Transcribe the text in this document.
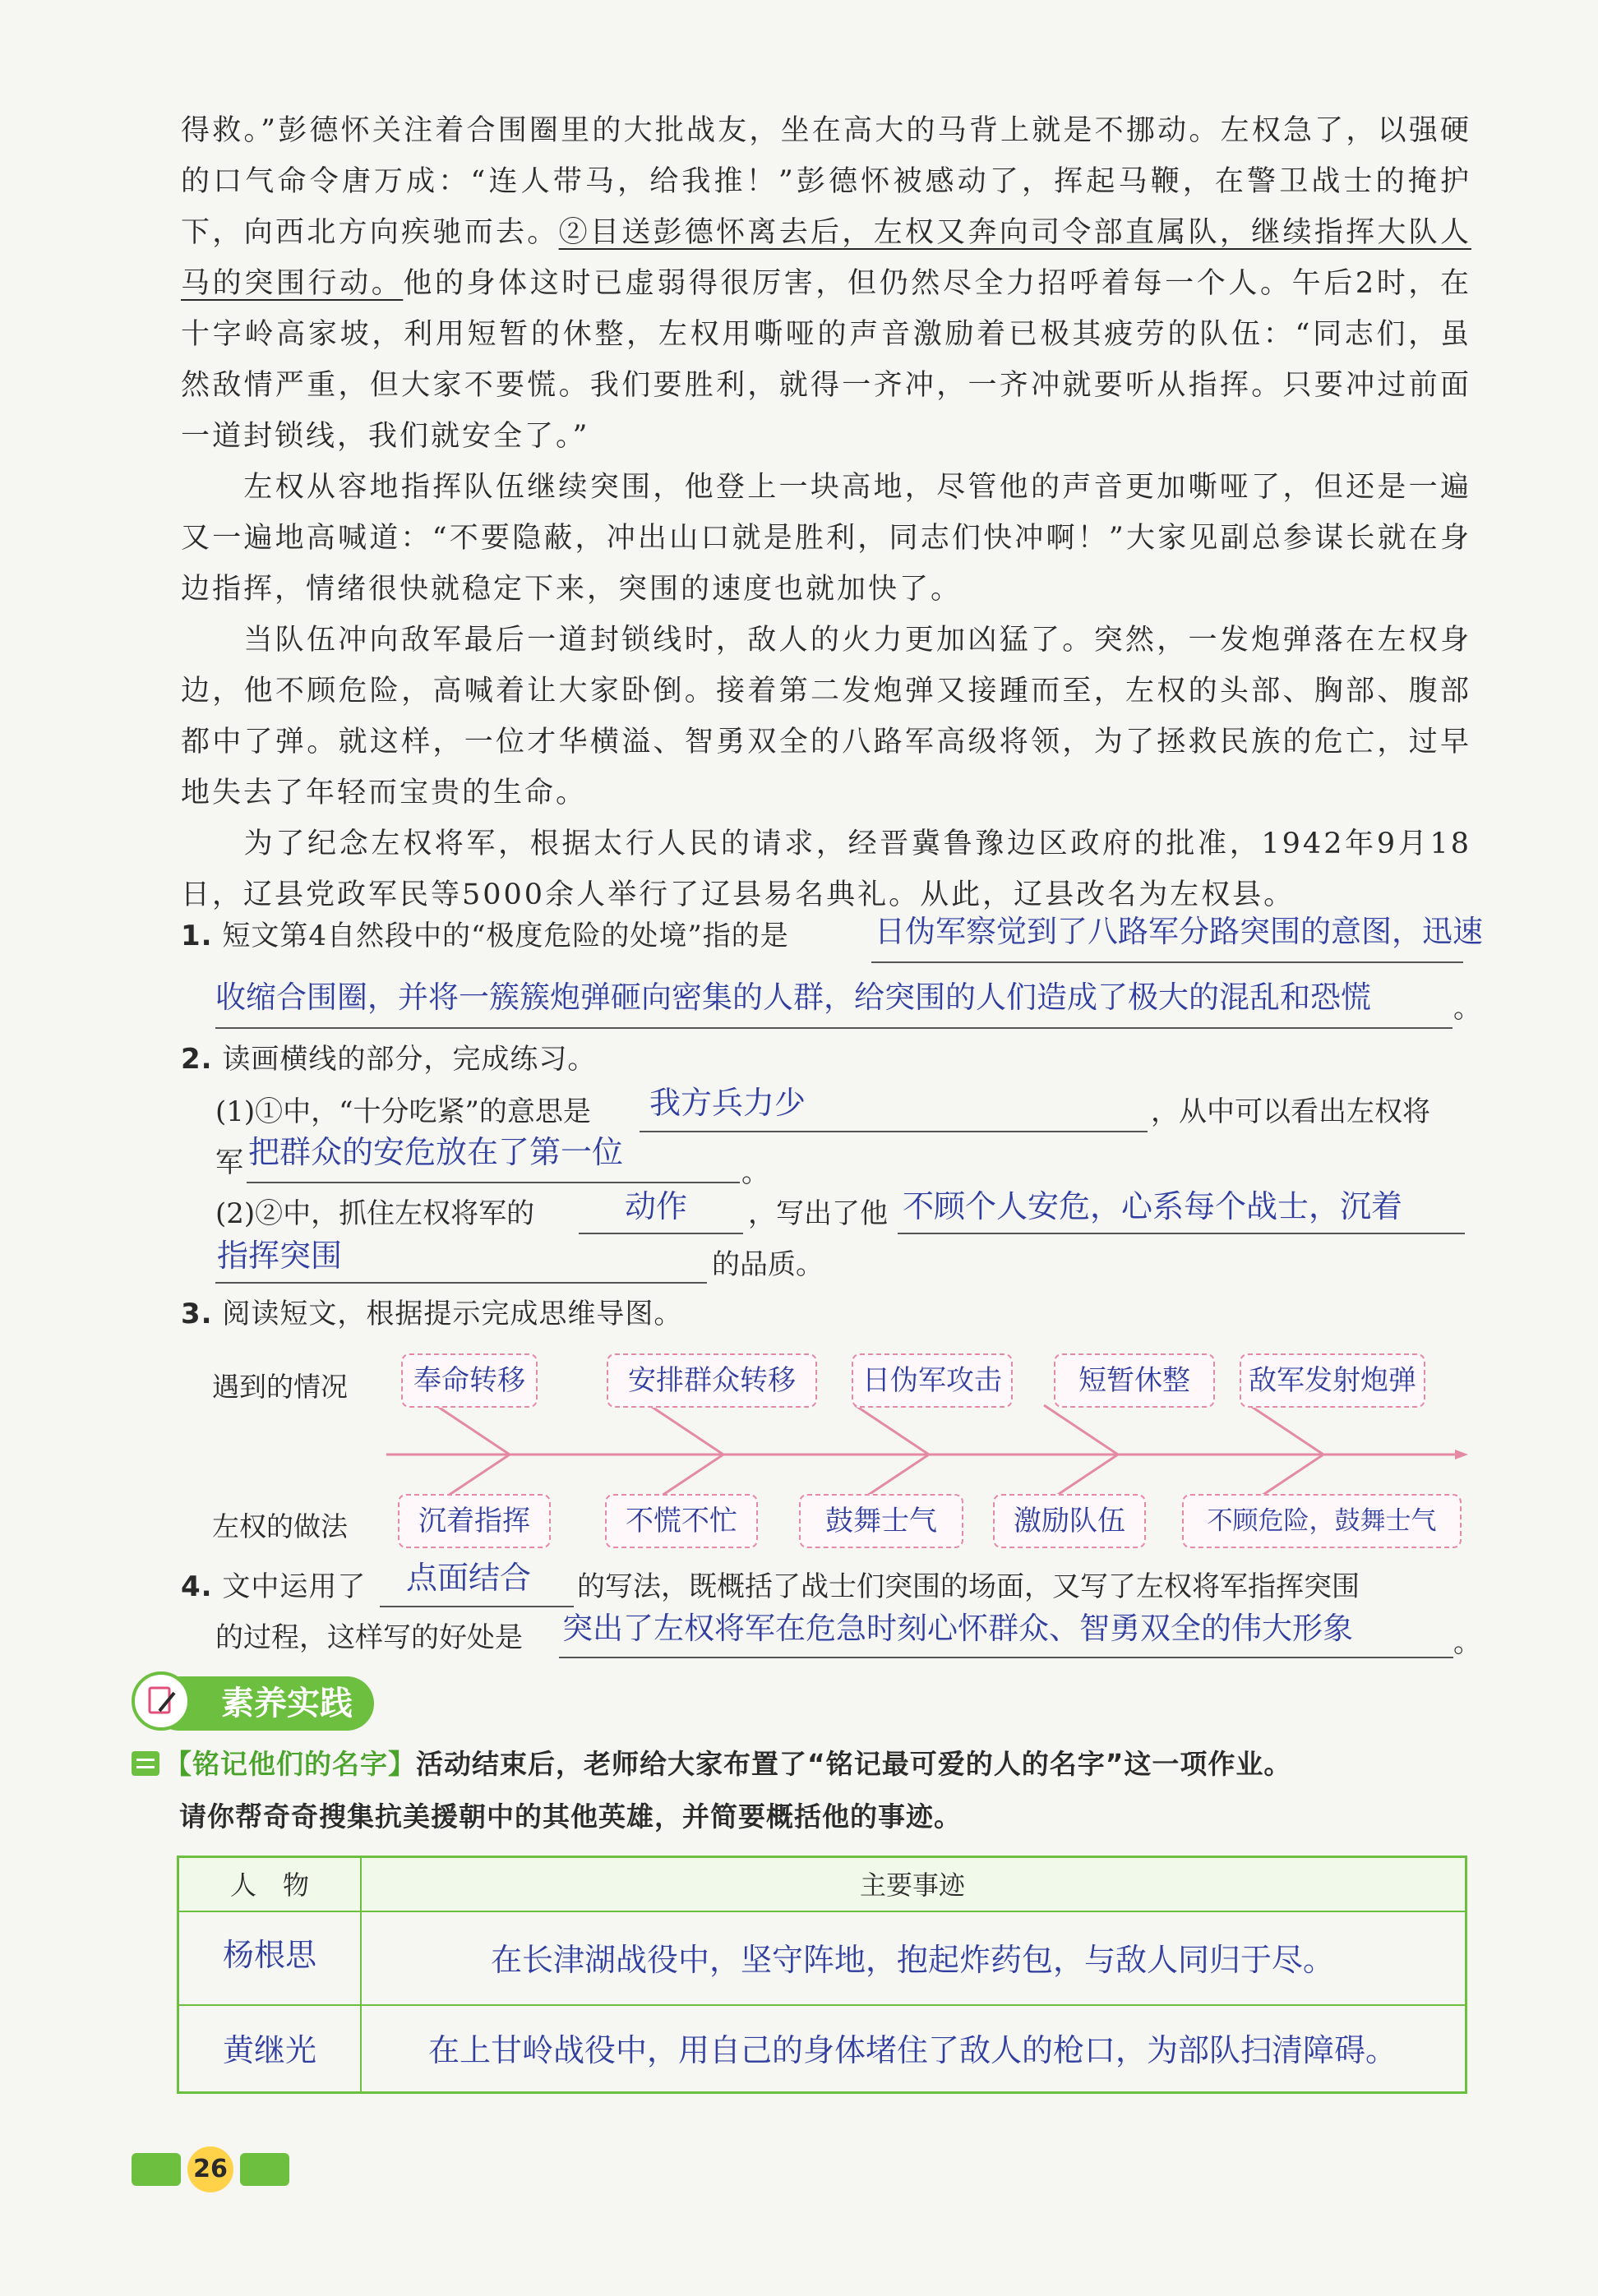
得救。”彭德怀关注着合围圈里的大批战友，坐在高大的马背上就是不挪动。左权急了，以强硬的口气命令唐万成：“连人带马，给我推！”彭德怀被感动了，挥起马鞭，在警卫战士的掩护下，向西北方向疾驰而去。②目送彭德怀离去后，左权又奔向司令部直属队，继续指挥大队人马的突围行动。他的身体这时已虚弱得很厉害，但仍然尽全力招呼着每一个人。午后2时，在十字岭高家坡，利用短暂的休整，左权用嘶哑的声音激励着已极其疲劳的队伍：“同志们，虽然敌情严重，但大家不要慌。我们要胜利，就得一齐冲，一齐冲就要听从指挥。只要冲过前面一道封锁线，我们就安全了。”

左权从容地指挥队伍继续突围，他登上一块高地，尽管他的声音更加嘶哑了，但还是一遍又一遍地高喊道：“不要隐蔽，冲出山口就是胜利，同志们快冲啊！”大家见副总参谋长就在身边指挥，情绪很快就稳定下来，突围的速度也就加快了。

当队伍冲向敌军最后一道封锁线时，敌人的火力更加凶猛了。突然，一发炮弹落在左权身边，他不顾危险，高喊着让大家卧倒。接着第二发炮弹又接踵而至，左权的头部、胸部、腹部都中了弹。就这样，一位才华横溢、智勇双全的八路军高级将领，为了拯救民族的危亡，过早地失去了年轻而宝贵的生命。

为了纪念左权将军，根据太行人民的请求，经晋冀鲁豫边区政府的批准，1942年9月18日，辽县党政军民等5000余人举行了辽县易名典礼。从此，辽县改名为左权县。

1. 短文第4自然段中的“极度危险的处境”指的是	日伪军察觉到了八路军分路突围的意图，迅速
收缩合围圈，并将一簇簇炮弹砸向密集的人群，给突围的人们造成了极大的混乱和恐慌	。
2. 读画横线的部分，完成练习。
(1)①中，“十分吃紧”的意思是 我方兵力少	，从中可以看出左权将
军 把群众的安危放在了第一位
。
(2)②中，抓住左权将军的	动作 ，写出了他 不顾个人安危，心系每个战士，沉着
指挥突围	的品质。
3. 阅读短文，根据提示完成思维导图。
遇到的情况
左权的做法
奉命转移	安排群众转移	日伪军攻击	短暂休整	敌军发射炮弹
沉着指挥	不慌不忙	鼓舞士气	激励队伍	不顾危险，鼓舞士气
4. 文中运用了 点面结合 的写法，既概括了战士们突围的场面，又写了左权将军指挥突围
的过程，这样写的好处是 突出了左权将军在危急时刻心怀群众、智勇双全的伟大形象	。
素养实践
【铭记他们的名字】活动结束后，老师给大家布置了“铭记最可爱的人的名字”这一项作业。
请你帮奇奇搜集抗美援朝中的其他英雄，并简要概括他的事迹。
人　物	主要事迹
杨根思	在长津湖战役中，坚守阵地，抱起炸药包，与敌人同归于尽。
黄继光	在上甘岭战役中，用自己的身体堵住了敌人的枪口，为部队扫清障碍。
26
